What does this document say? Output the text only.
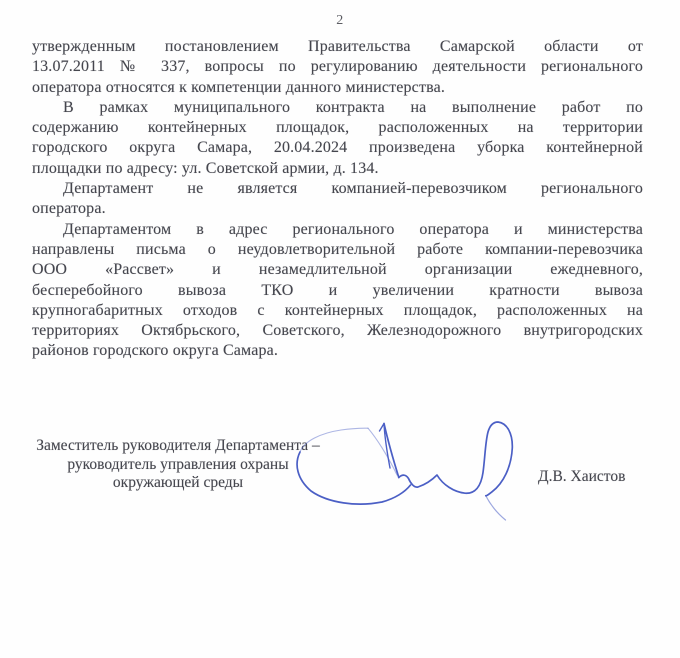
2
утвержденным постановлением Правительства Самарской области от
13.07.2011 № 337, вопросы по регулированию деятельности регионального
оператора относятся к компетенции данного министерства.
В рамках муниципального контракта на выполнение работ по
содержанию контейнерных площадок, расположенных на территории
городского округа Самара, 20.04.2024 произведена уборка контейнерной
площадки по адресу: ул. Советской армии, д. 134.
Департамент не является компанией-перевозчиком регионального
оператора.
Департаментом в адрес регионального оператора и министерства
направлены письма о неудовлетворительной работе компании-перевозчика
ООО «Рассвет» и незамедлительной организации ежедневного,
бесперебойного вывоза ТКО и увеличении кратности вывоза
крупногабаритных отходов с контейнерных площадок, расположенных на
территориях Октябрьского, Советского, Железнодорожного внутригородских
районов городского округа Самара.
Заместитель руководителя Департамента –
руководитель управления охраны
окружающей среды	Д.В. Хаистов
